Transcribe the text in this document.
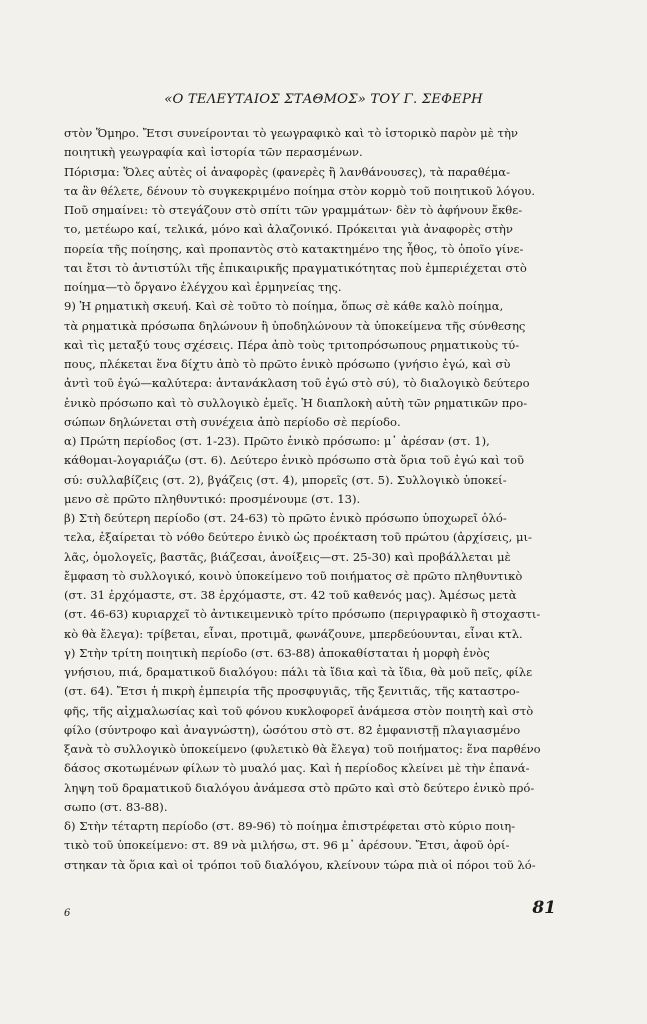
«Ο ΤΕΛΕΥΤΑΙΟΣ ΣΤΑΘΜΟΣ» ΤΟΥ Γ. ΣΕΦΕΡΗ
στὸν Ὅμηρο. Ἔτσι συνείρονται τὸ γεωγραφικὸ καὶ τὸ ἱστορικὸ παρὸν μὲ τὴν
ποιητικὴ γεωγραφία καὶ ἱστορία τῶν περασμένων.
Πόρισμα: Ὅλες αὐτὲς οἱ ἀναφορὲς (φανερὲς ἢ λανθάνουσες), τὰ παραθέμα-
τα ἂν θέλετε, δένουν τὸ συγκεκριμένο ποίημα στὸν κορμὸ τοῦ ποιητικοῦ λόγου.
Ποῦ σημαίνει: τὸ στεγάζουν στὸ σπίτι τῶν γραμμάτων· δὲν τὸ ἀφήνουν ἔκθε-
το, μετέωρο καί, τελικά, μόνο καὶ ἀλαζονικό. Πρόκειται γιὰ ἀναφορὲς στὴν
πορεία τῆς ποίησης, καὶ προπαντὸς στὸ κατακτημένο της ἦθος, τὸ ὁποῖο γίνε-
ται ἔτσι τὸ ἀντιστύλι τῆς ἐπικαιρικῆς πραγματικότητας ποὺ ἐμπεριέχεται στὸ
ποίημα—τὸ ὄργανο ἐλέγχου καὶ ἑρμηνείας της.
9) Ἡ ρηματικὴ σκευή. Καὶ σὲ τοῦτο τὸ ποίημα, ὅπως σὲ κάθε καλὸ ποίημα,
τὰ ρηματικὰ πρόσωπα δηλώνουν ἢ ὑποδηλώνουν τὰ ὑποκείμενα τῆς σύνθεσης
καὶ τὶς μεταξύ τους σχέσεις. Πέρα ἀπὸ τοὺς τριτοπρόσωπους ρηματικοὺς τύ-
πους, πλέκεται ἕνα δίχτυ ἀπὸ τὸ πρῶτο ἑνικὸ πρόσωπο (γνήσιο ἐγώ, καὶ σὺ
ἀντὶ τοῦ ἐγώ—καλύτερα: ἀντανάκλαση τοῦ ἐγώ στὸ σύ), τὸ διαλογικὸ δεύτερο
ἑνικὸ πρόσωπο καὶ τὸ συλλογικὸ ἐμεῖς. Ἡ διαπλοκὴ αὐτὴ τῶν ρηματικῶν προ-
σώπων δηλώνεται στὴ συνέχεια ἀπὸ περίοδο σὲ περίοδο.
α) Πρώτη περίοδος (στ. 1-23). Πρῶτο ἑνικὸ πρόσωπο: μ᾽ ἀρέσαν (στ. 1),
κάθομαι-λογαριάζω (στ. 6). Δεύτερο ἑνικὸ πρόσωπο στὰ ὅρια τοῦ ἐγώ καὶ τοῦ
σύ: συλλαβίζεις (στ. 2), βγάζεις (στ. 4), μπορεῖς (στ. 5). Συλλογικὸ ὑποκεί-
μενο σὲ πρῶτο πληθυντικό: προσμένουμε (στ. 13).
β) Στὴ δεύτερη περίοδο (στ. 24-63) τὸ πρῶτο ἑνικὸ πρόσωπο ὑποχωρεῖ ὁλό-
τελα, ἐξαίρεται τὸ νόθο δεύτερο ἑνικὸ ὡς προέκταση τοῦ πρώτου (ἀρχίσεις, μι-
λᾶς, ὁμολογεῖς, βαστᾶς, βιάζεσαι, ἀνοίξεις—στ. 25-30) καὶ προβάλλεται μὲ
ἔμφαση τὸ συλλογικό, κοινὸ ὑποκείμενο τοῦ ποιήματος σὲ πρῶτο πληθυντικὸ
(στ. 31 ἐρχόμαστε, στ. 38 ἐρχόμαστε, στ. 42 τοῦ καθενός μας). Ἀμέσως μετὰ
(στ. 46-63) κυριαρχεῖ τὸ ἀντικειμενικὸ τρίτο πρόσωπο (περιγραφικὸ ἢ στοχαστι-
κὸ θὰ ἔλεγα): τρίβεται, εἶναι, προτιμᾶ, φωνάζουνε, μπερδεύουνται, εἶναι κτλ.
γ) Στὴν τρίτη ποιητικὴ περίοδο (στ. 63-88) ἀποκαθίσταται ἡ μορφὴ ἑνὸς
γνήσιου, πιά, δραματικοῦ διαλόγου: πάλι τὰ ἴδια καὶ τὰ ἴδια, θὰ μοῦ πεῖς, φίλε
(στ. 64). Ἔτσι ἡ πικρὴ ἐμπειρία τῆς προσφυγιᾶς, τῆς ξενιτιᾶς, τῆς καταστρο-
φῆς, τῆς αἰχμαλωσίας καὶ τοῦ φόνου κυκλοφορεῖ ἀνάμεσα στὸν ποιητὴ καὶ στὸ
φίλο (σύντροφο καὶ ἀναγνώστη), ὡσότου στὸ στ. 82 ἐμφανιστῇ πλαγιασμένο
ξανὰ τὸ συλλογικὸ ὑποκείμενο (φυλετικὸ θὰ ἔλεγα) τοῦ ποιήματος: ἕνα παρθένο
δάσος σκοτωμένων φίλων τὸ μυαλό μας. Καὶ ἡ περίοδος κλείνει μὲ τὴν ἐπανά-
ληψη τοῦ δραματικοῦ διαλόγου ἀνάμεσα στὸ πρῶτο καὶ στὸ δεύτερο ἑνικὸ πρό-
σωπο (στ. 83-88).
δ) Στὴν τέταρτη περίοδο (στ. 89-96) τὸ ποίημα ἐπιστρέφεται στὸ κύριο ποιη-
τικὸ τοῦ ὑποκείμενο: στ. 89 νὰ μιλήσω, στ. 96 μ᾽ ἀρέσουν. Ἔτσι, ἀφοῦ ὁρί-
στηκαν τὰ ὅρια καὶ οἱ τρόποι τοῦ διαλόγου, κλείνουν τώρα πιὰ οἱ πόροι τοῦ λό-
6	81
